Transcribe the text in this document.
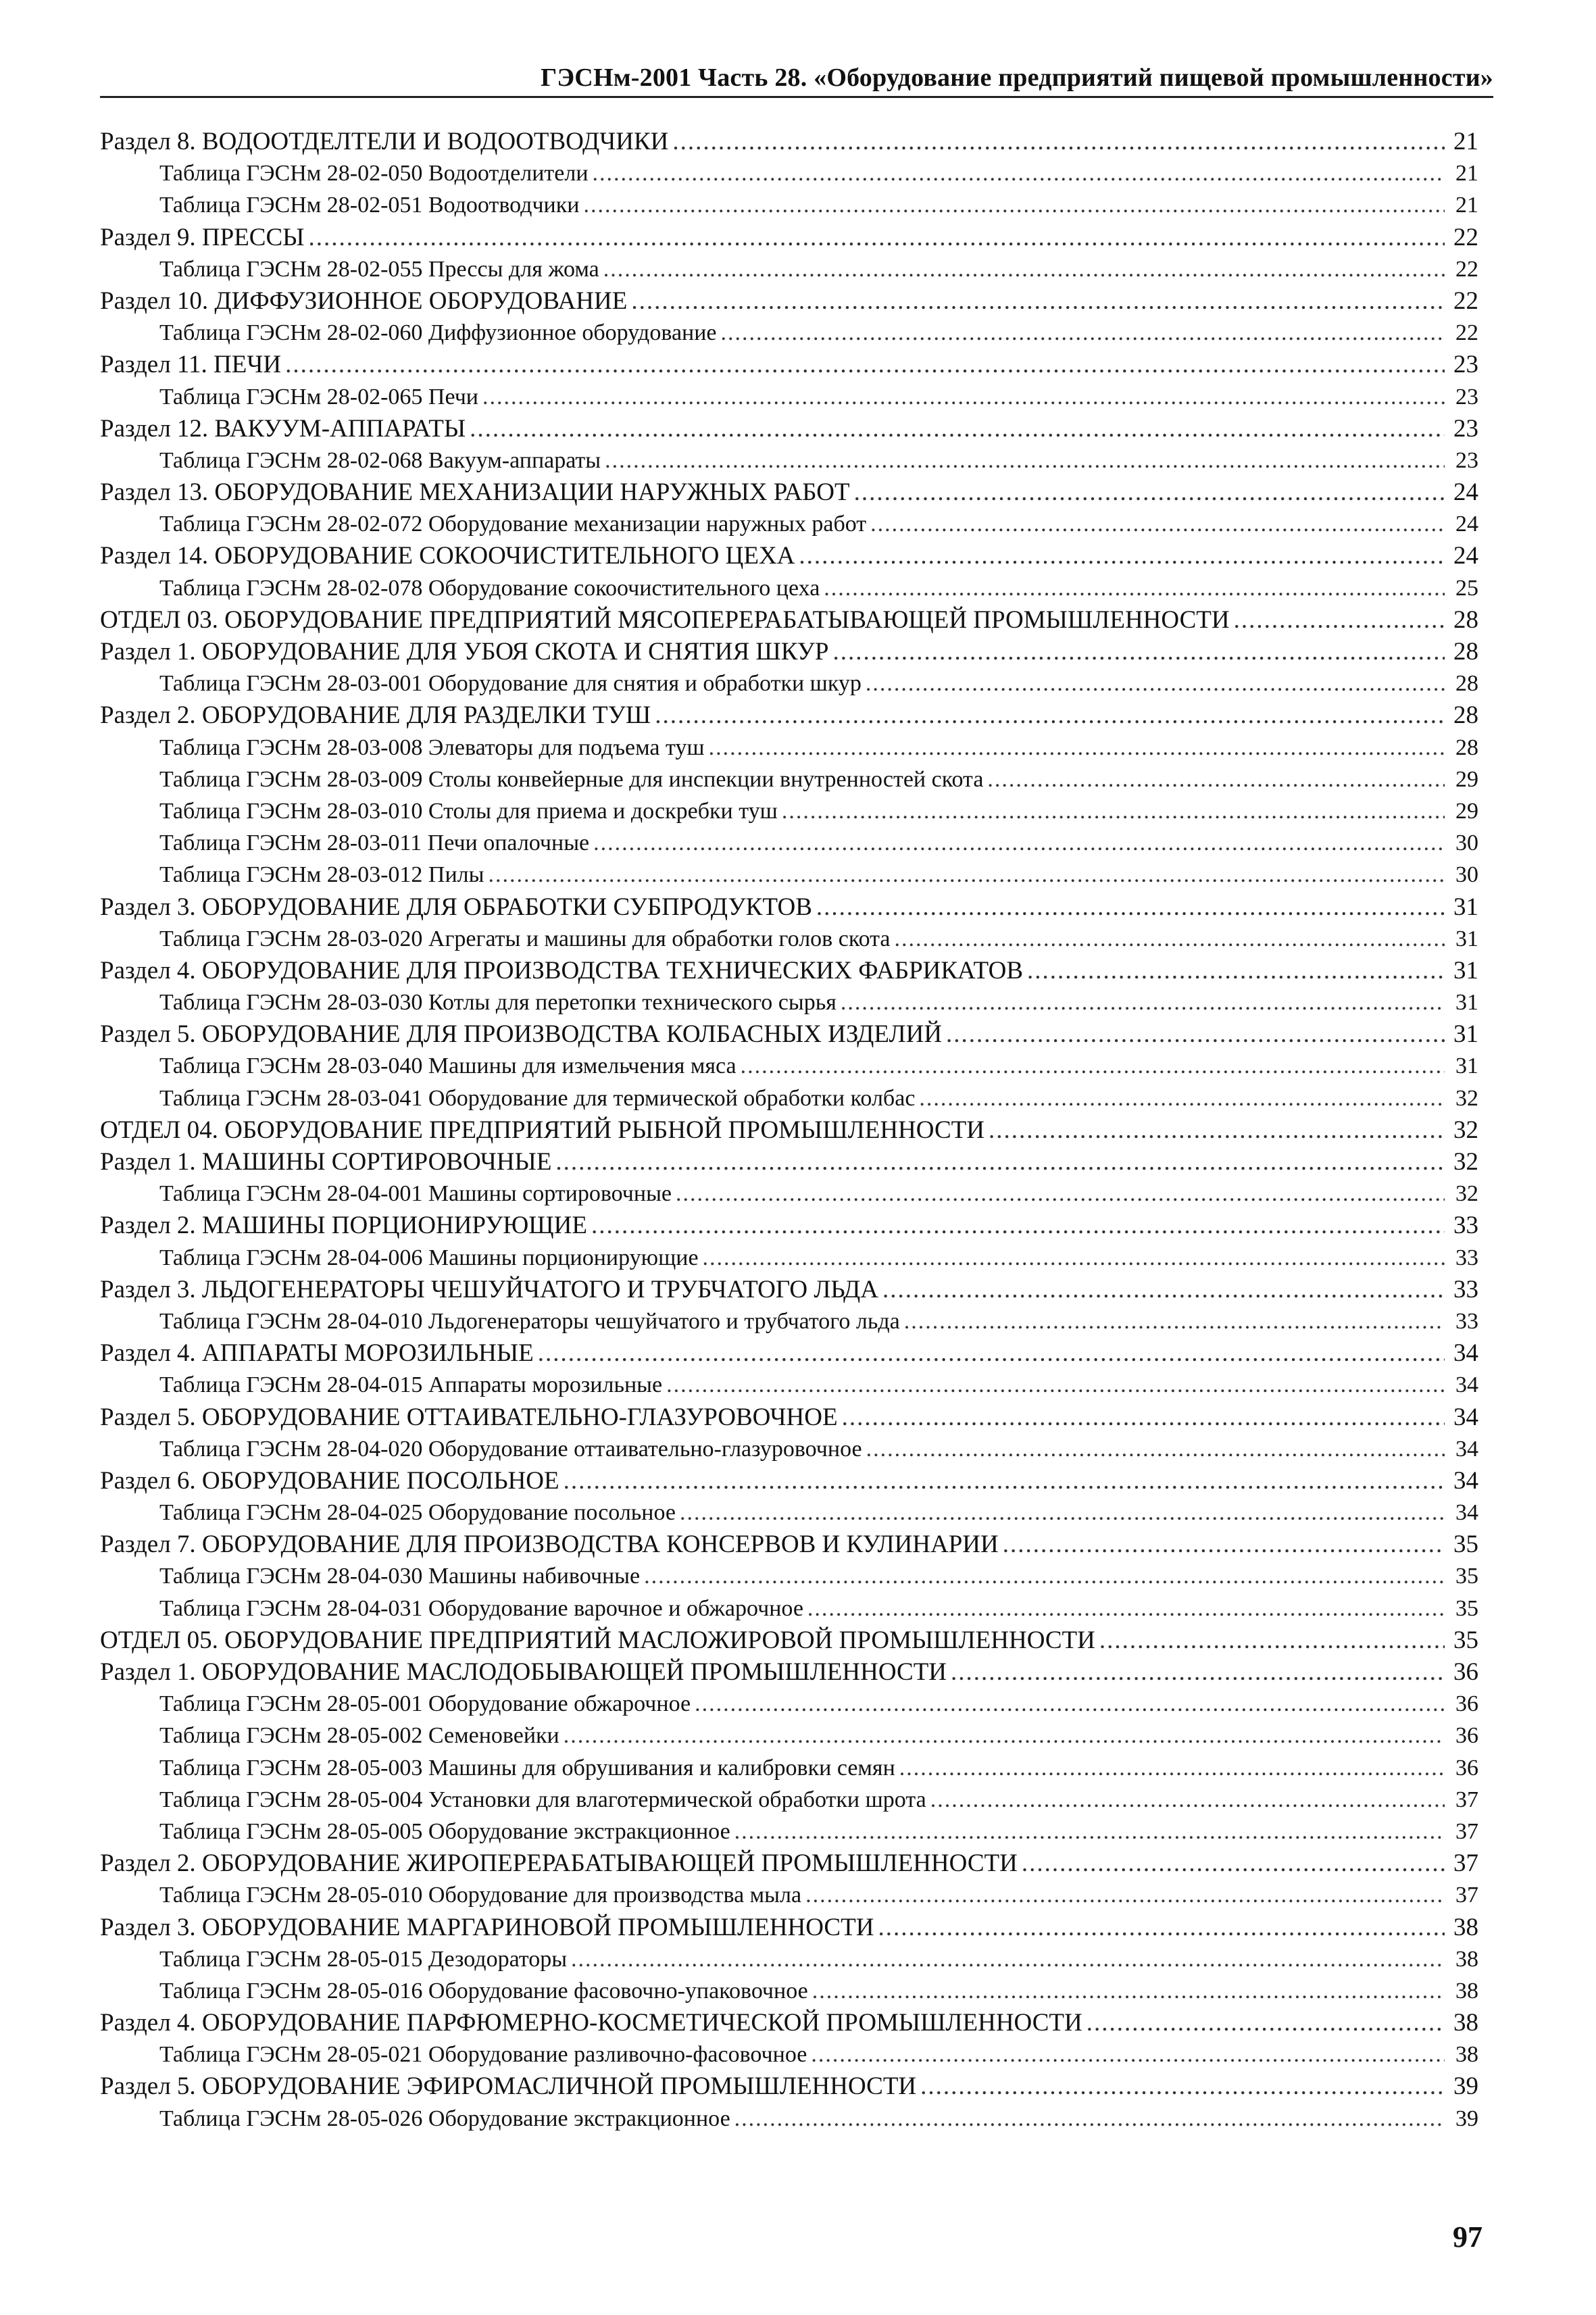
ГЭСНм-2001 Часть 28. «Оборудование предприятий пищевой промышленности»
Раздел 8. ВОДООТДЕЛТЕЛИ И ВОДООТВОДЧИКИ .....	21
Таблица ГЭСНм 28-02-050 Водоотделители .....	21
Таблица ГЭСНм 28-02-051 Водоотводчики .....	21
Раздел 9. ПРЕССЫ .....	22
Таблица ГЭСНм 28-02-055 Прессы для жома .....	22
Раздел 10. ДИФФУЗИОННОЕ ОБОРУДОВАНИЕ .....	22
Таблица ГЭСНм 28-02-060 Диффузионное оборудование .....	22
Раздел 11. ПЕЧИ .....	23
Таблица ГЭСНм 28-02-065 Печи .....	23
Раздел 12. ВАКУУМ-АППАРАТЫ .....	23
Таблица ГЭСНм 28-02-068 Вакуум-аппараты .....	23
Раздел 13. ОБОРУДОВАНИЕ МЕХАНИЗАЦИИ НАРУЖНЫХ РАБОТ .....	24
Таблица ГЭСНм 28-02-072 Оборудование механизации наружных работ .....	24
Раздел 14. ОБОРУДОВАНИЕ СОКООЧИСТИТЕЛЬНОГО ЦЕХА .....	24
Таблица ГЭСНм 28-02-078 Оборудование сокоочистительного цеха .....	25
ОТДЕЛ 03. ОБОРУДОВАНИЕ ПРЕДПРИЯТИЙ МЯСОПЕРЕРАБАТЫВАЮЩЕЙ ПРОМЫШЛЕННОСТИ .....	28
Раздел 1. ОБОРУДОВАНИЕ ДЛЯ УБОЯ СКОТА И СНЯТИЯ ШКУР .....	28
Таблица ГЭСНм 28-03-001 Оборудование для снятия и обработки шкур .....	28
Раздел 2. ОБОРУДОВАНИЕ ДЛЯ РАЗДЕЛКИ ТУШ .....	28
Таблица ГЭСНм 28-03-008 Элеваторы для подъема туш .....	28
Таблица ГЭСНм 28-03-009 Столы конвейерные для инспекции внутренностей скота .....	29
Таблица ГЭСНм 28-03-010 Столы для приема и доскребки туш .....	29
Таблица ГЭСНм 28-03-011 Печи опалочные .....	30
Таблица ГЭСНм 28-03-012 Пилы .....	30
Раздел 3. ОБОРУДОВАНИЕ ДЛЯ ОБРАБОТКИ СУБПРОДУКТОВ .....	31
Таблица ГЭСНм 28-03-020 Агрегаты и машины для обработки голов скота .....	31
Раздел 4. ОБОРУДОВАНИЕ ДЛЯ ПРОИЗВОДСТВА ТЕХНИЧЕСКИХ ФАБРИКАТОВ .....	31
Таблица ГЭСНм 28-03-030 Котлы для перетопки технического сырья .....	31
Раздел 5. ОБОРУДОВАНИЕ ДЛЯ ПРОИЗВОДСТВА КОЛБАСНЫХ ИЗДЕЛИЙ .....	31
Таблица ГЭСНм 28-03-040 Машины для измельчения мяса .....	31
Таблица ГЭСНм 28-03-041 Оборудование для термической обработки колбас .....	32
ОТДЕЛ 04. ОБОРУДОВАНИЕ ПРЕДПРИЯТИЙ РЫБНОЙ ПРОМЫШЛЕННОСТИ .....	32
Раздел 1. МАШИНЫ СОРТИРОВОЧНЫЕ .....	32
Таблица ГЭСНм 28-04-001 Машины сортировочные .....	32
Раздел 2. МАШИНЫ ПОРЦИОНИРУЮЩИЕ .....	33
Таблица ГЭСНм 28-04-006 Машины порционирующие .....	33
Раздел 3. ЛЬДОГЕНЕРАТОРЫ ЧЕШУЙЧАТОГО И ТРУБЧАТОГО ЛЬДА .....	33
Таблица ГЭСНм 28-04-010 Льдогенераторы чешуйчатого и трубчатого льда .....	33
Раздел 4. АППАРАТЫ МОРОЗИЛЬНЫЕ .....	34
Таблица ГЭСНм 28-04-015 Аппараты морозильные .....	34
Раздел 5. ОБОРУДОВАНИЕ ОТТАИВАТЕЛЬНО-ГЛАЗУРОВОЧНОЕ .....	34
Таблица ГЭСНм 28-04-020 Оборудование оттаивательно-глазуровочное .....	34
Раздел 6. ОБОРУДОВАНИЕ ПОСОЛЬНОЕ .....	34
Таблица ГЭСНм 28-04-025 Оборудование посольное .....	34
Раздел 7. ОБОРУДОВАНИЕ ДЛЯ ПРОИЗВОДСТВА КОНСЕРВОВ И КУЛИНАРИИ .....	35
Таблица ГЭСНм 28-04-030 Машины набивочные .....	35
Таблица ГЭСНм 28-04-031 Оборудование варочное и обжарочное .....	35
ОТДЕЛ 05. ОБОРУДОВАНИЕ ПРЕДПРИЯТИЙ МАСЛОЖИРОВОЙ ПРОМЫШЛЕННОСТИ .....	35
Раздел 1. ОБОРУДОВАНИЕ МАСЛОДОБЫВАЮЩЕЙ ПРОМЫШЛЕННОСТИ .....	36
Таблица ГЭСНм 28-05-001 Оборудование обжарочное .....	36
Таблица ГЭСНм 28-05-002 Семеновейки .....	36
Таблица ГЭСНм 28-05-003 Машины для обрушивания и калибровки семян .....	36
Таблица ГЭСНм 28-05-004 Установки для влаготермической обработки шрота .....	37
Таблица ГЭСНм 28-05-005 Оборудование экстракционное .....	37
Раздел 2. ОБОРУДОВАНИЕ ЖИРОПЕРЕРАБАТЫВАЮЩЕЙ ПРОМЫШЛЕННОСТИ .....	37
Таблица ГЭСНм 28-05-010 Оборудование для производства мыла .....	37
Раздел 3. ОБОРУДОВАНИЕ МАРГАРИНОВОЙ ПРОМЫШЛЕННОСТИ .....	38
Таблица ГЭСНм 28-05-015 Дезодораторы .....	38
Таблица ГЭСНм 28-05-016 Оборудование фасовочно-упаковочное .....	38
Раздел 4. ОБОРУДОВАНИЕ ПАРФЮМЕРНО-КОСМЕТИЧЕСКОЙ ПРОМЫШЛЕННОСТИ .....	38
Таблица ГЭСНм 28-05-021 Оборудование разливочно-фасовочное .....	38
Раздел 5. ОБОРУДОВАНИЕ ЭФИРОМАСЛИЧНОЙ ПРОМЫШЛЕННОСТИ .....	39
Таблица ГЭСНм 28-05-026 Оборудование экстракционное .....	39
97
